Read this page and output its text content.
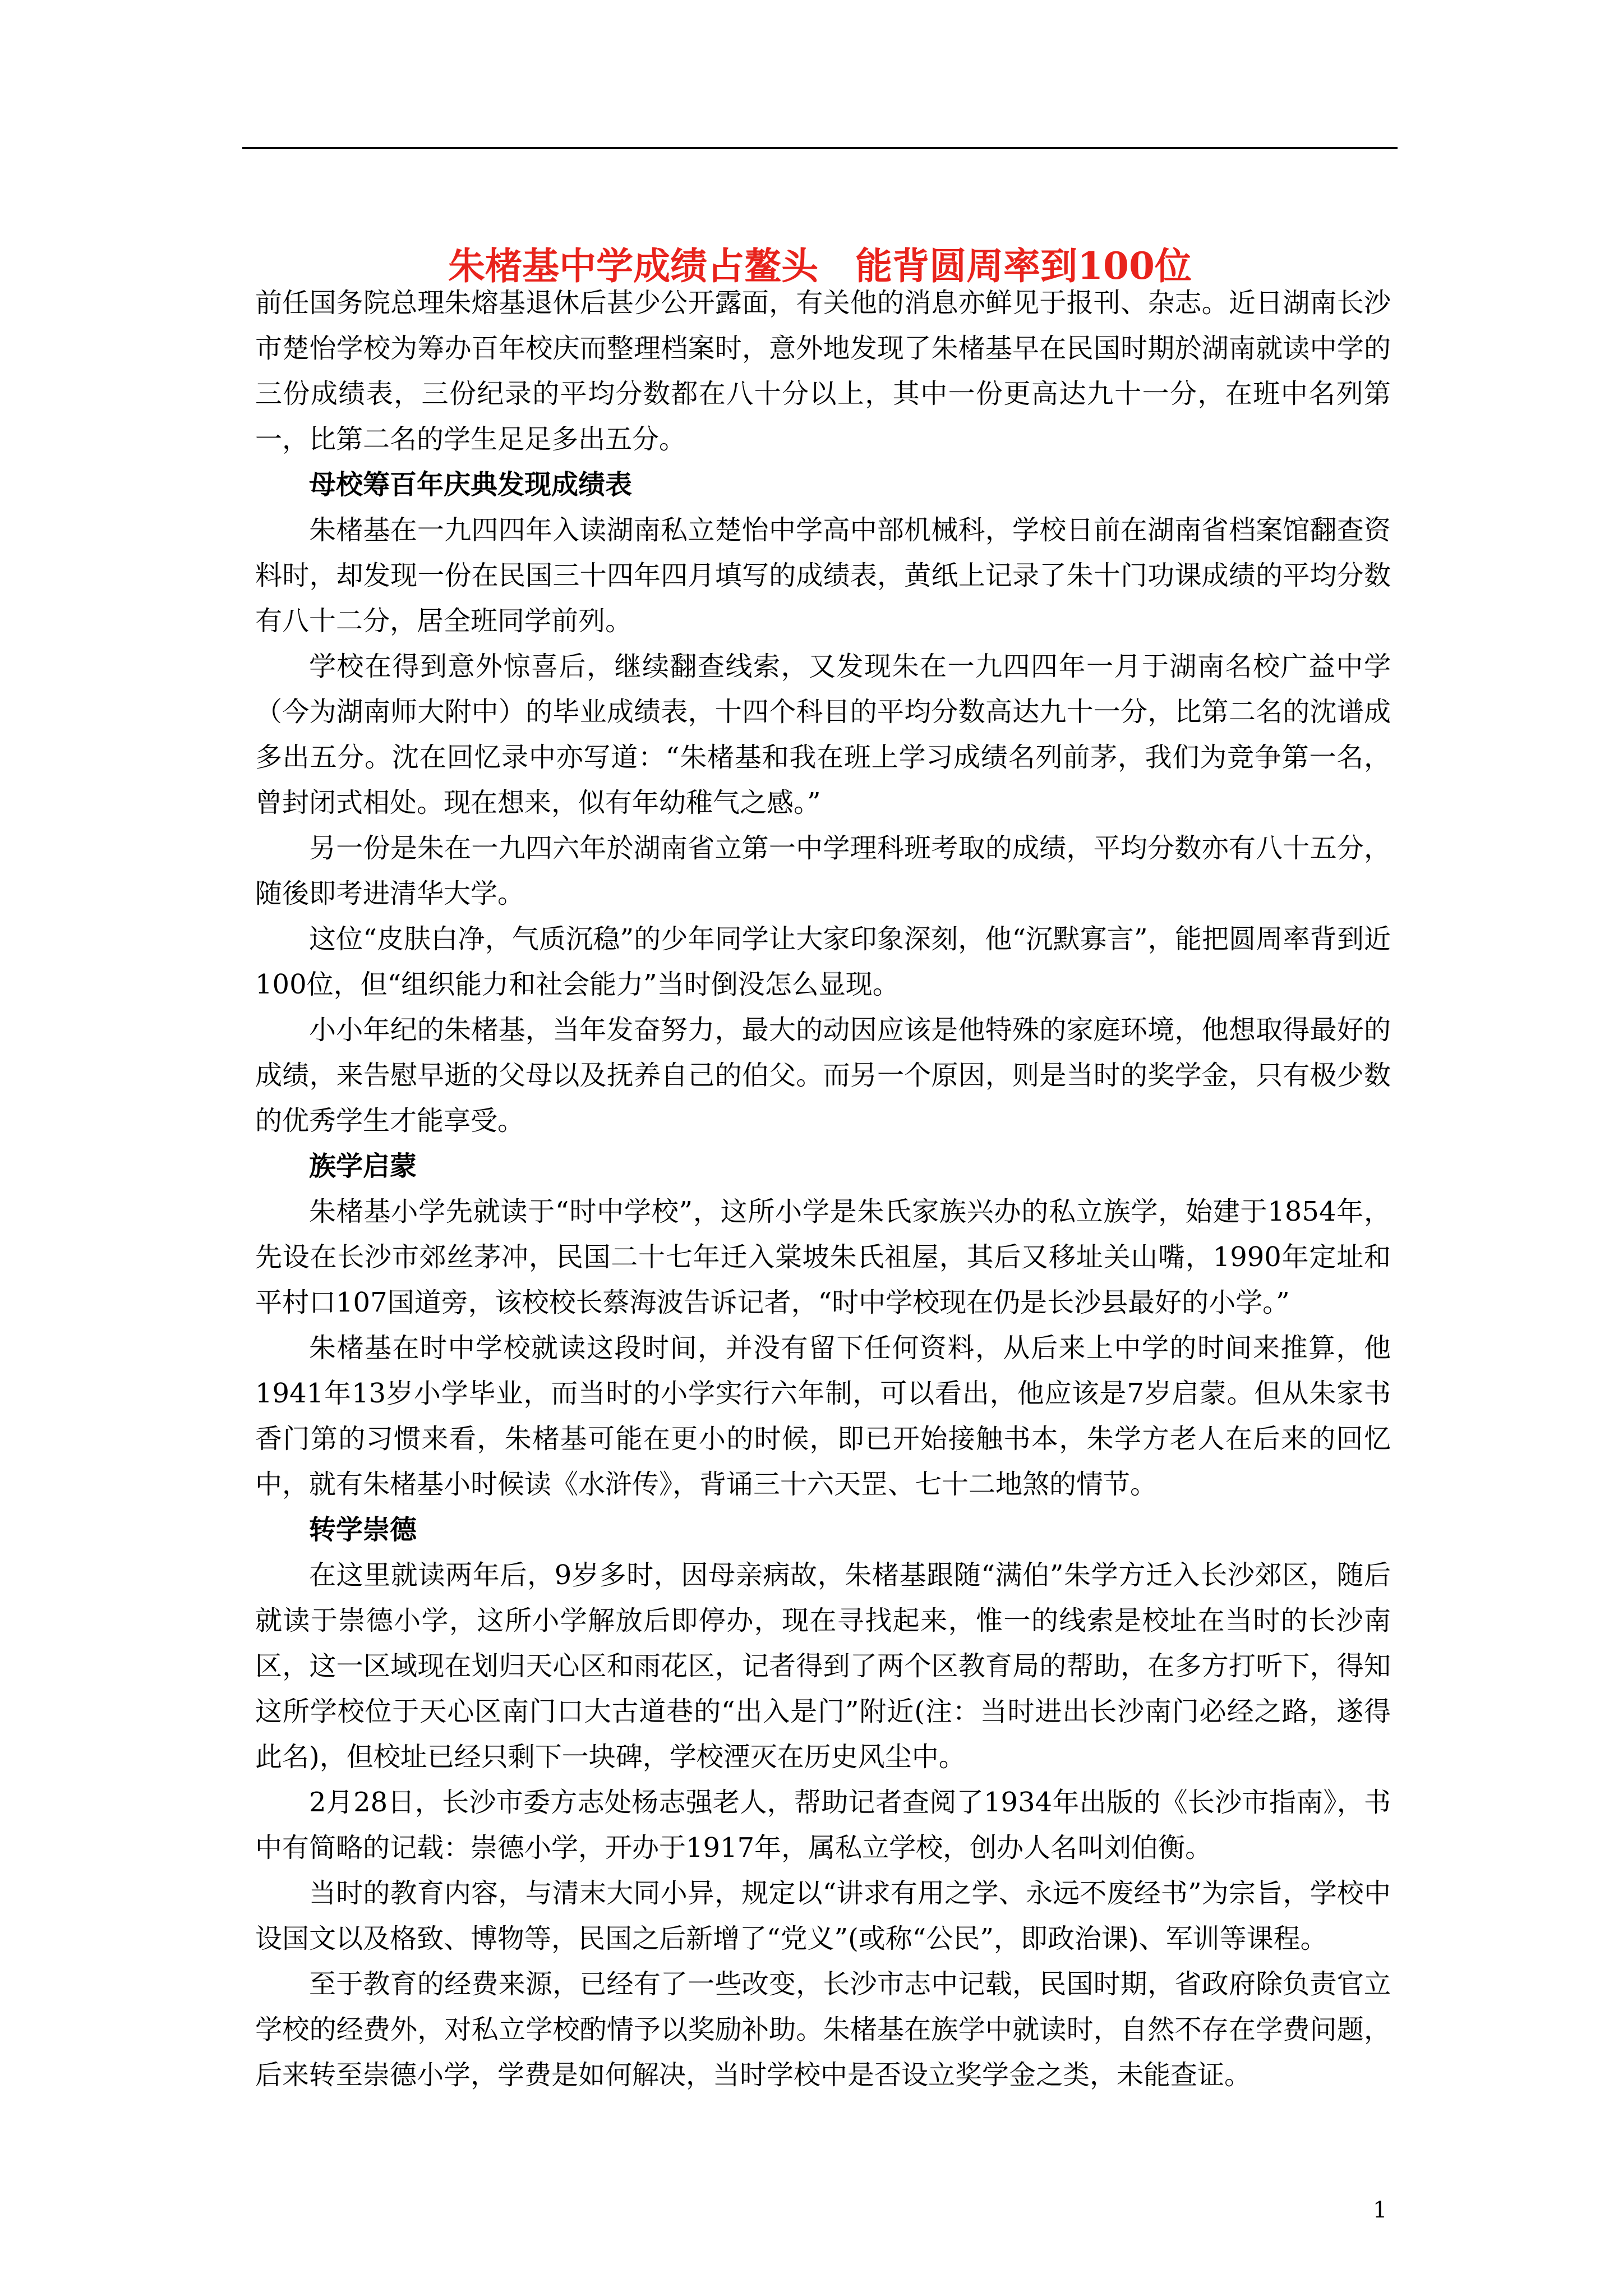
朱楮基中学成绩占鳌头　能背圆周率到100位

前任国务院总理朱熔基退休后甚少公开露面，有关他的消息亦鲜见于报刊、杂志。近日湖南长沙市楚怡学校为筹办百年校庆而整理档案时，意外地发现了朱楮基早在民国时期於湖南就读中学的三份成绩表，三份纪录的平均分数都在八十分以上，其中一份更高达九十一分，在班中名列第一，比第二名的学生足足多出五分。

母校筹百年庆典发现成绩表

朱楮基在一九四四年入读湖南私立楚怡中学高中部机械科，学校日前在湖南省档案馆翻查资料时，却发现一份在民国三十四年四月填写的成绩表，黄纸上记录了朱十门功课成绩的平均分数有八十二分，居全班同学前列。

学校在得到意外惊喜后，继续翻查线索，又发现朱在一九四四年一月于湖南名校广益中学（今为湖南师大附中）的毕业成绩表，十四个科目的平均分数高达九十一分，比第二名的沈谱成多出五分。沈在回忆录中亦写道：“朱楮基和我在班上学习成绩名列前茅，我们为竞争第一名，曾封闭式相处。现在想来，似有年幼稚气之感。”

另一份是朱在一九四六年於湖南省立第一中学理科班考取的成绩，平均分数亦有八十五分，随後即考进清华大学。

这位“皮肤白净，气质沉稳”的少年同学让大家印象深刻，他“沉默寡言”，能把圆周率背到近100位，但“组织能力和社会能力”当时倒没怎么显现。

小小年纪的朱楮基，当年发奋努力，最大的动因应该是他特殊的家庭环境，他想取得最好的成绩，来告慰早逝的父母以及抚养自己的伯父。而另一个原因，则是当时的奖学金，只有极少数的优秀学生才能享受。

族学启蒙

朱楮基小学先就读于“时中学校”，这所小学是朱氏家族兴办的私立族学，始建于1854年，先设在长沙市郊丝茅冲，民国二十七年迁入棠坡朱氏祖屋，其后又移址关山嘴，1990年定址和平村口107国道旁，该校校长蔡海波告诉记者，“时中学校现在仍是长沙县最好的小学。”

朱楮基在时中学校就读这段时间，并没有留下任何资料，从后来上中学的时间来推算，他1941年13岁小学毕业，而当时的小学实行六年制，可以看出，他应该是7岁启蒙。但从朱家书香门第的习惯来看，朱楮基可能在更小的时候，即已开始接触书本，朱学方老人在后来的回忆中，就有朱楮基小时候读《水浒传》，背诵三十六天罡、七十二地煞的情节。

转学崇德

在这里就读两年后，9岁多时，因母亲病故，朱楮基跟随“满伯”朱学方迁入长沙郊区，随后就读于崇德小学，这所小学解放后即停办，现在寻找起来，惟一的线索是校址在当时的长沙南区，这一区域现在划归天心区和雨花区，记者得到了两个区教育局的帮助，在多方打听下，得知这所学校位于天心区南门口大古道巷的“出入是门”附近(注：当时进出长沙南门必经之路，遂得此名)，但校址已经只剩下一块碑，学校湮灭在历史风尘中。

2月28日，长沙市委方志处杨志强老人，帮助记者查阅了1934年出版的《长沙市指南》，书中有简略的记载：崇德小学，开办于1917年，属私立学校，创办人名叫刘伯衡。

当时的教育内容，与清末大同小异，规定以“讲求有用之学、永远不废经书”为宗旨，学校中设国文以及格致、博物等，民国之后新增了“党义”(或称“公民”，即政治课)、军训等课程。

至于教育的经费来源，已经有了一些改变，长沙市志中记载，民国时期，省政府除负责官立学校的经费外，对私立学校酌情予以奖励补助。朱楮基在族学中就读时，自然不存在学费问题，后来转至崇德小学，学费是如何解决，当时学校中是否设立奖学金之类，未能查证。

1
